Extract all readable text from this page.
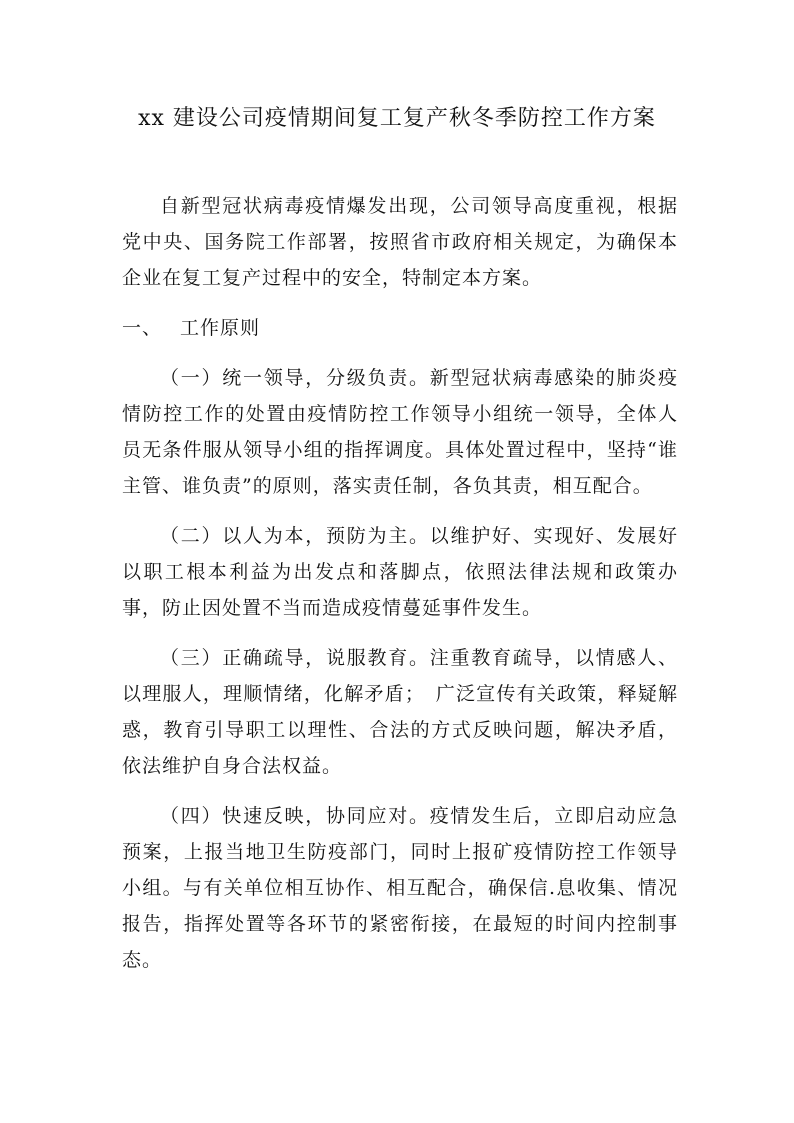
xx 建设公司疫情期间复工复产秋冬季防控工作方案

自新型冠状病毒疫情爆发出现，公司领导高度重视，根据党中央、国务院工作部署，按照省市政府相关规定，为确保本企业在复工复产过程中的安全，特制定本方案。

一、 工作原则

（一）统一领导，分级负责。新型冠状病毒感染的肺炎疫情防控工作的处置由疫情防控工作领导小组统一领导，全体人员无条件服从领导小组的指挥调度。具体处置过程中，坚持“谁主管、谁负责”的原则，落实责任制，各负其责，相互配合。

（二）以人为本，预防为主。以维护好、实现好、发展好以职工根本利益为出发点和落脚点，依照法律法规和政策办事，防止因处置不当而造成疫情蔓延事件发生。

（三）正确疏导，说服教育。注重教育疏导，以情感人、以理服人，理顺情绪，化解矛盾；　广泛宣传有关政策，释疑解惑，教育引导职工以理性、合法的方式反映问题，解决矛盾，依法维护自身合法权益。

（四）快速反映，协同应对。疫情发生后，立即启动应急预案，上报当地卫生防疫部门，同时上报矿疫情防控工作领导小组。与有关单位相互协作、相互配合，确保信.息收集、情况报告，指挥处置等各环节的紧密衔接，在最短的时间内控制事态。
